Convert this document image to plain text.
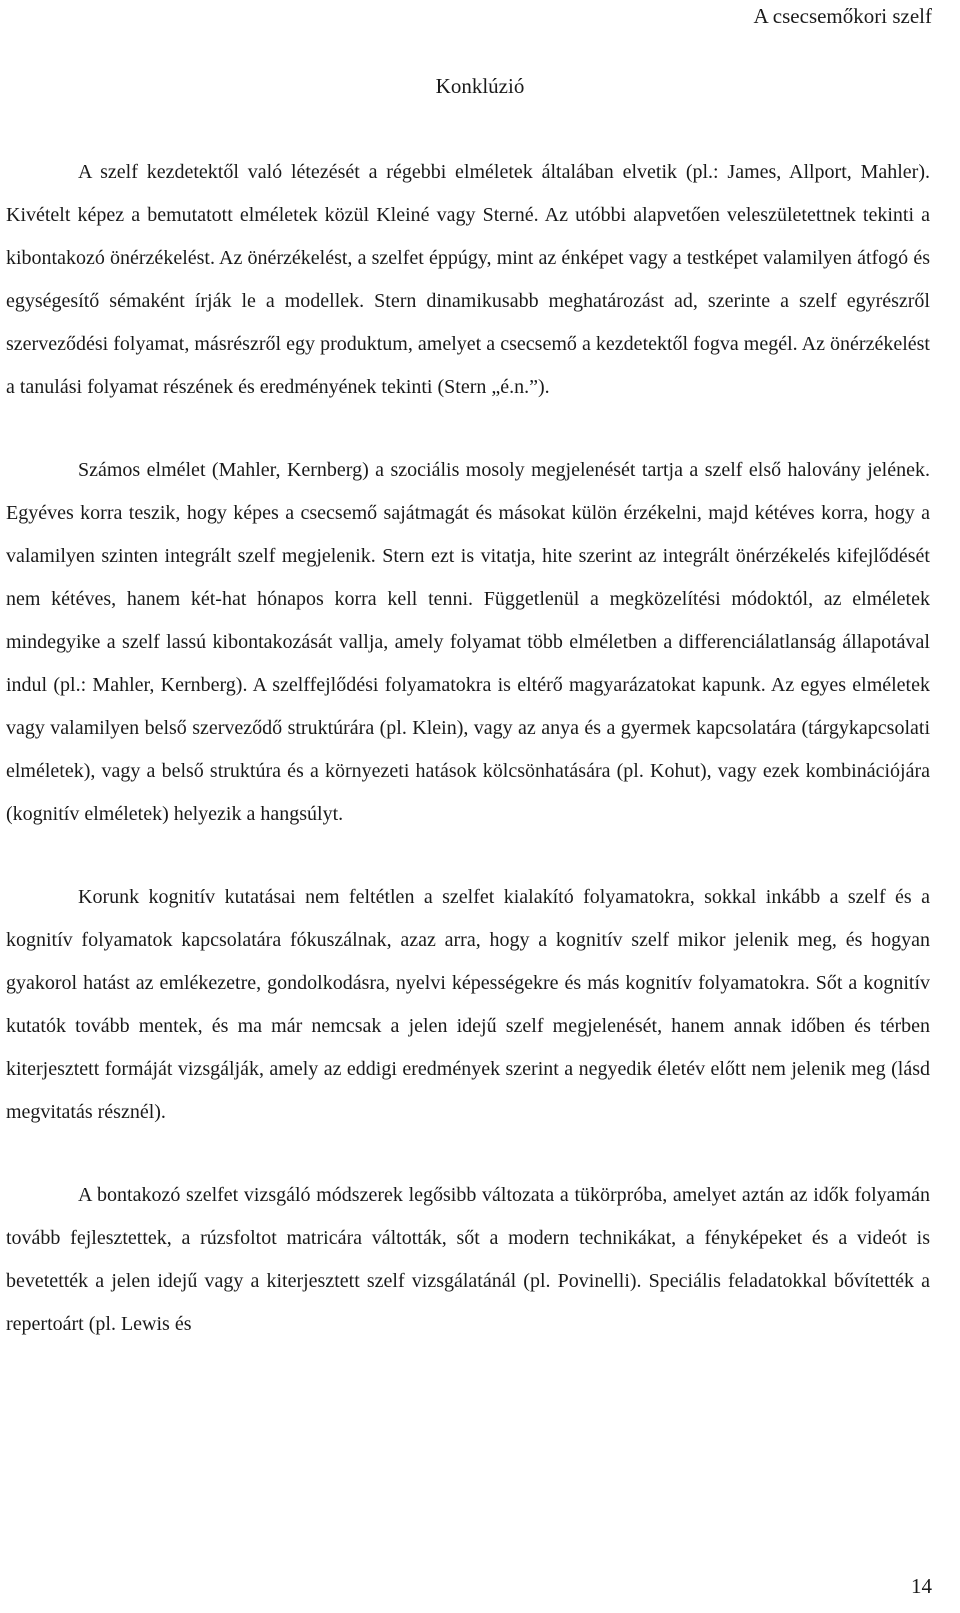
A csecsemőkori szelf
Konklúzió

A szelf kezdetektől való létezését a régebbi elméletek általában elvetik (pl.: James, Allport, Mahler). Kivételt képez a bemutatott elméletek közül Kleiné vagy Sterné. Az utóbbi alapvetően veleszületettnek tekinti a kibontakozó önérzékelést. Az önérzékelést, a szelfet éppúgy, mint az énképet vagy a testképet valamilyen átfogó és egységesítő sémaként írják le a modellek. Stern dinamikusabb meghatározást ad, szerinte a szelf egyrészről szerveződési folyamat, másrészről egy produktum, amelyet a csecsemő a kezdetektől fogva megél. Az önérzékelést a tanulási folyamat részének és eredményének tekinti (Stern „é.n.”).

Számos elmélet (Mahler, Kernberg) a szociális mosoly megjelenését tartja a szelf első halovány jelének. Egyéves korra teszik, hogy képes a csecsemő sajátmagát és másokat külön érzékelni, majd kétéves korra, hogy a valamilyen szinten integrált szelf megjelenik. Stern ezt is vitatja, hite szerint az integrált önérzékelés kifejlődését nem kétéves, hanem két-hat hónapos korra kell tenni. Függetlenül a megközelítési módoktól, az elméletek mindegyike a szelf lassú kibontakozását vallja, amely folyamat több elméletben a differenciálatlanság állapotával indul (pl.: Mahler, Kernberg). A szelffejlődési folyamatokra is eltérő magyarázatokat kapunk. Az egyes elméletek vagy valamilyen belső szerveződő struktúrára (pl. Klein), vagy az anya és a gyermek kapcsolatára (tárgykapcsolati elméletek), vagy a belső struktúra és a környezeti hatások kölcsönhatására (pl. Kohut), vagy ezek kombinációjára (kognitív elméletek) helyezik a hangsúlyt.

Korunk kognitív kutatásai nem feltétlen a szelfet kialakító folyamatokra, sokkal inkább a szelf és a kognitív folyamatok kapcsolatára fókuszálnak, azaz arra, hogy a kognitív szelf mikor jelenik meg, és hogyan gyakorol hatást az emlékezetre, gondolkodásra, nyelvi képességekre és más kognitív folyamatokra. Sőt a kognitív kutatók tovább mentek, és ma már nemcsak a jelen idejű szelf megjelenését, hanem annak időben és térben kiterjesztett formáját vizsgálják, amely az eddigi eredmények szerint a negyedik életév előtt nem jelenik meg (lásd megvitatás résznél).

A bontakozó szelfet vizsgáló módszerek legősibb változata a tükörpróba, amelyet aztán az idők folyamán tovább fejlesztettek, a rúzsfoltot matricára váltották, sőt a modern technikákat, a fényképeket és a videót is bevetették a jelen idejű vagy a kiterjesztett szelf vizsgálatánál (pl. Povinelli). Speciális feladatokkal bővítették a repertoárt (pl. Lewis és

14
